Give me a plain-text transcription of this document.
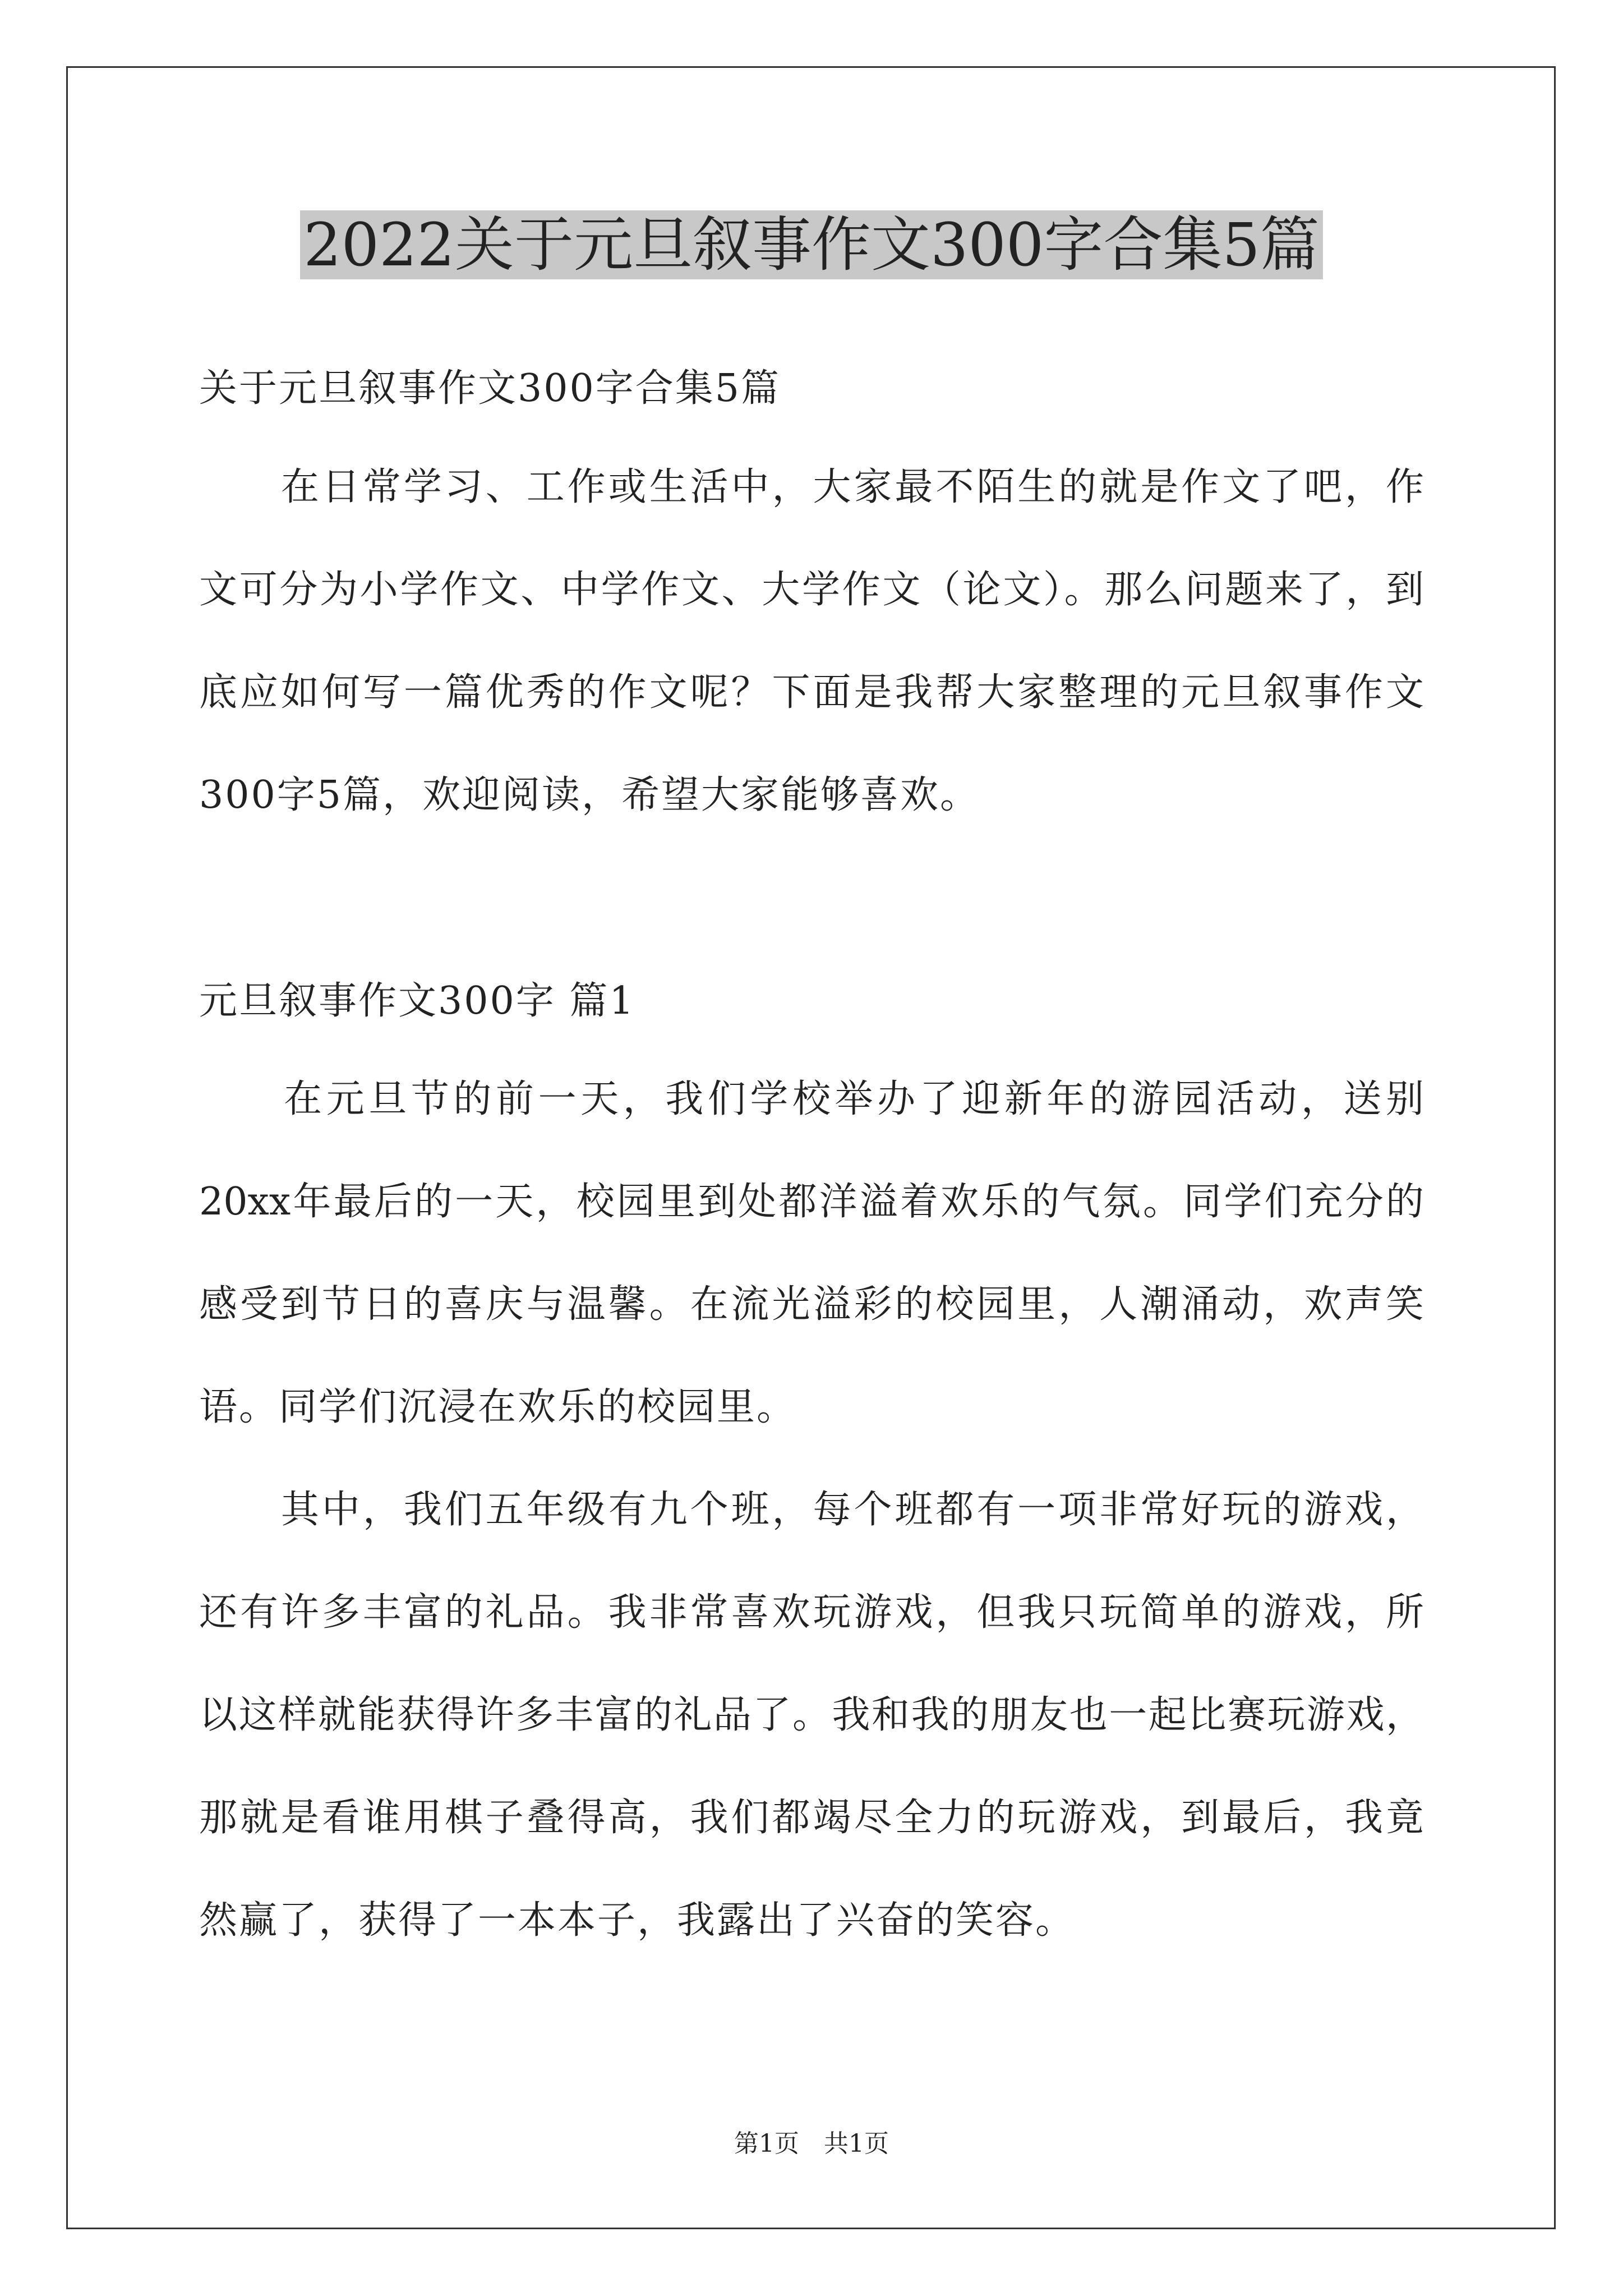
2022关于元旦叙事作文300字合集5篇
关于元旦叙事作文300字合集5篇
　　在日常学习、工作或生活中，大家最不陌生的就是作文了吧，作
文可分为小学作文、中学作文、大学作文（论文）。那么问题来了，到
底应如何写一篇优秀的作文呢？下面是我帮大家整理的元旦叙事作文
300字5篇，欢迎阅读，希望大家能够喜欢。
元旦叙事作文300字 篇1
　　在元旦节的前一天，我们学校举办了迎新年的游园活动，送别
20xx年最后的一天，校园里到处都洋溢着欢乐的气氛。同学们充分的
感受到节日的喜庆与温馨。在流光溢彩的校园里，人潮涌动，欢声笑
语。同学们沉浸在欢乐的校园里。
　　其中，我们五年级有九个班，每个班都有一项非常好玩的游戏，
还有许多丰富的礼品。我非常喜欢玩游戏，但我只玩简单的游戏，所
以这样就能获得许多丰富的礼品了。我和我的朋友也一起比赛玩游戏，
那就是看谁用棋子叠得高，我们都竭尽全力的玩游戏，到最后，我竟
然赢了，获得了一本本子，我露出了兴奋的笑容。
第1页　共1页
